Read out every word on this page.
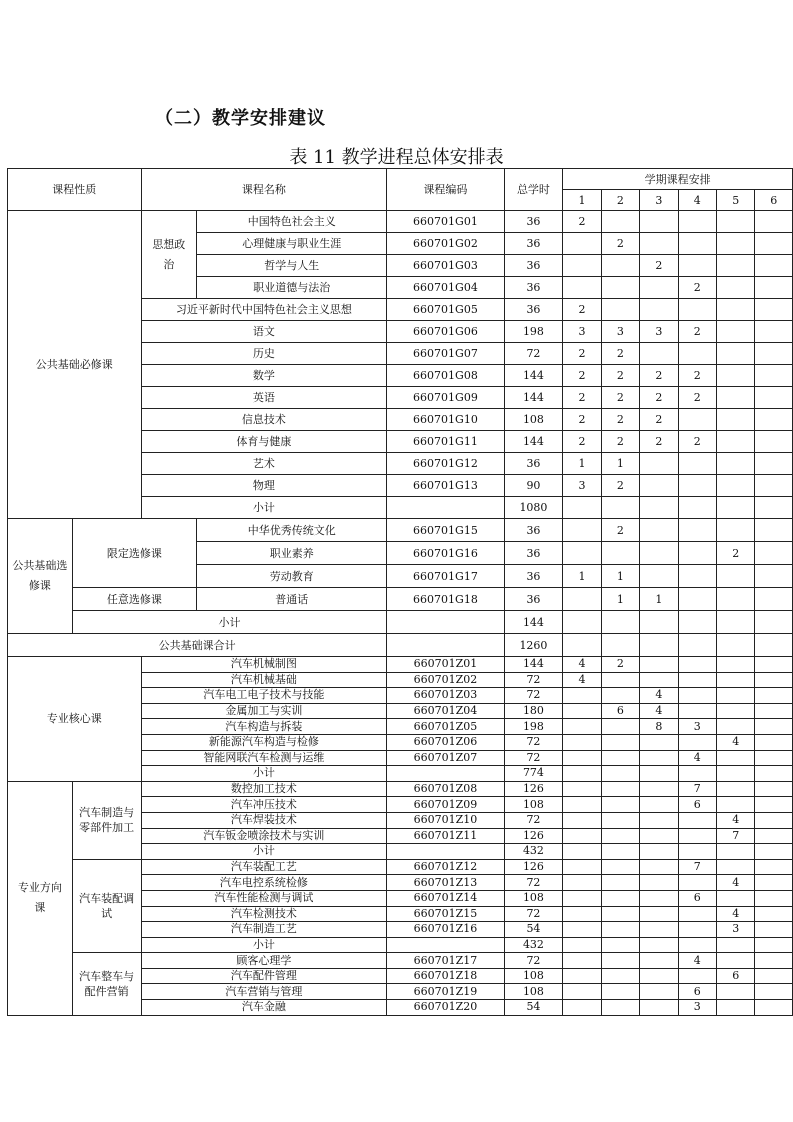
（二）教学安排建议
表 11 教学进程总体安排表
课程性质		课程名称		课程编码	总学时	学期课程安排					
						1	2	3	4	5	6
公共基础必修课		思想政治	中国特色社会主义	660701G01	36	2					
			心理健康与职业生涯	660701G02	36		2				
			哲学与人生	660701G03	36			2			
			职业道德与法治	660701G04	36				2		
		习近平新时代中国特色社会主义思想		660701G05	36	2					
		语文		660701G06	198	3	3	3	2		
		历史		660701G07	72	2	2				
		数学		660701G08	144	2	2	2	2		
		英语		660701G09	144	2	2	2	2		
		信息技术		660701G10	108	2	2	2			
		体育与健康		660701G11	144	2	2	2	2		
		艺术		660701G12	36	1	1				
		物理		660701G13	90	3	2				
		小计			1080						
公共基础选修课	限定选修课		中华优秀传统文化	660701G15	36		2				
			职业素养	660701G16	36					2	
			劳动教育	660701G17	36	1	1				
	任意选修课		普通话	660701G18	36		1	1			
	小计				144						
公共基础课合计					1260						
专业核心课		汽车机械制图		660701Z01	144	4	2				
		汽车机械基础		660701Z02	72	4					
		汽车电工电子技术与技能		660701Z03	72			4			
		金属加工与实训		660701Z04	180		6	4			
		汽车构造与拆装		660701Z05	198			8	3		
		新能源汽车构造与检修		660701Z06	72					4	
		智能网联汽车检测与运维		660701Z07	72				4		
		小计			774						
专业方向课	汽车制造与零部件加工	数控加工技术		660701Z08	126				7		
		汽车冲压技术		660701Z09	108				6		
		汽车焊装技术		660701Z10	72					4	
		汽车钣金喷涂技术与实训		660701Z11	126					7	
		小计			432						
	汽车装配调试	汽车装配工艺		660701Z12	126				7		
		汽车电控系统检修		660701Z13	72					4	
		汽车性能检测与调试		660701Z14	108				6		
		汽车检测技术		660701Z15	72					4	
		汽车制造工艺		660701Z16	54					3	
		小计			432						
	汽车整车与配件营销	顾客心理学		660701Z17	72				4		
		汽车配件管理		660701Z18	108					6	
		汽车营销与管理		660701Z19	108				6		
		汽车金融		660701Z20	54				3		
